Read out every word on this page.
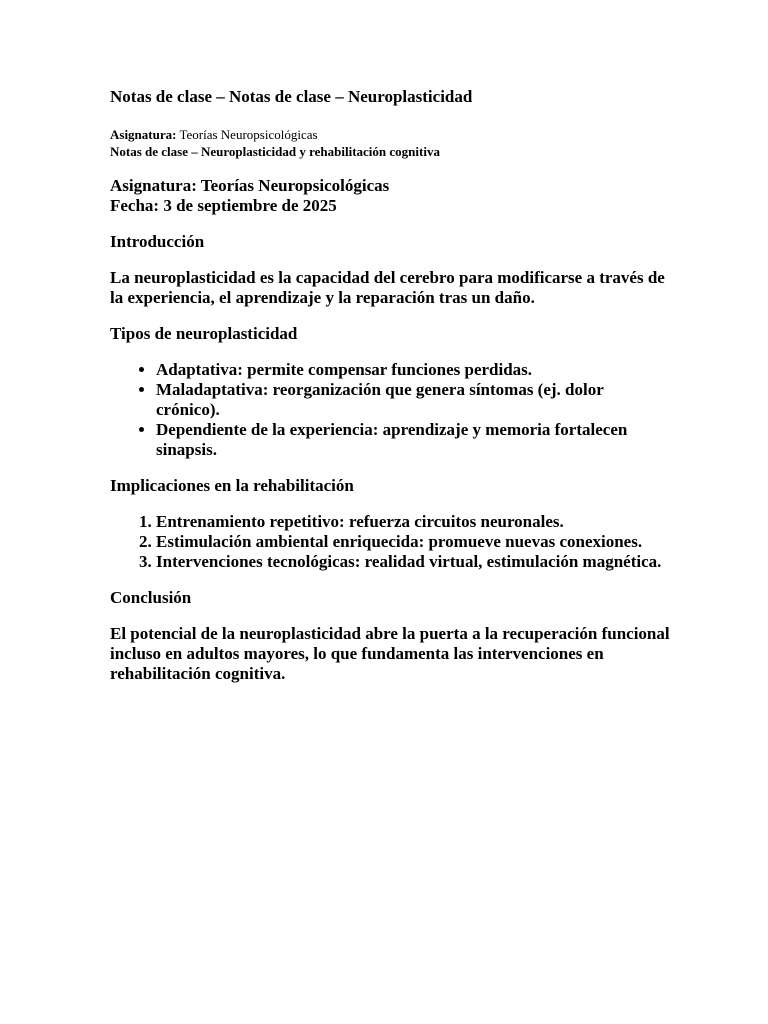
Notas de clase – Notas de clase – Neuroplasticidad

Asignatura: Teorías Neuropsicológicas

Notas de clase – Neuroplasticidad y rehabilitación cognitiva

Asignatura: Teorías Neuropsicológicas

Fecha: 3 de septiembre de 2025

Introducción

La neuroplasticidad es la capacidad del cerebro para modificarse a través de la experiencia, el aprendizaje y la reparación tras un daño.

Tipos de neuroplasticidad

• Adaptativa: permite compensar funciones perdidas.
• Maladaptativa: reorganización que genera síntomas (ej. dolor crónico).
• Dependiente de la experiencia: aprendizaje y memoria fortalecen sinapsis.

Implicaciones en la rehabilitación

1. Entrenamiento repetitivo: refuerza circuitos neuronales.
2. Estimulación ambiental enriquecida: promueve nuevas conexiones.
3. Intervenciones tecnológicas: realidad virtual, estimulación magnética.

Conclusión

El potencial de la neuroplasticidad abre la puerta a la recuperación funcional incluso en adultos mayores, lo que fundamenta las intervenciones en rehabilitación cognitiva.
